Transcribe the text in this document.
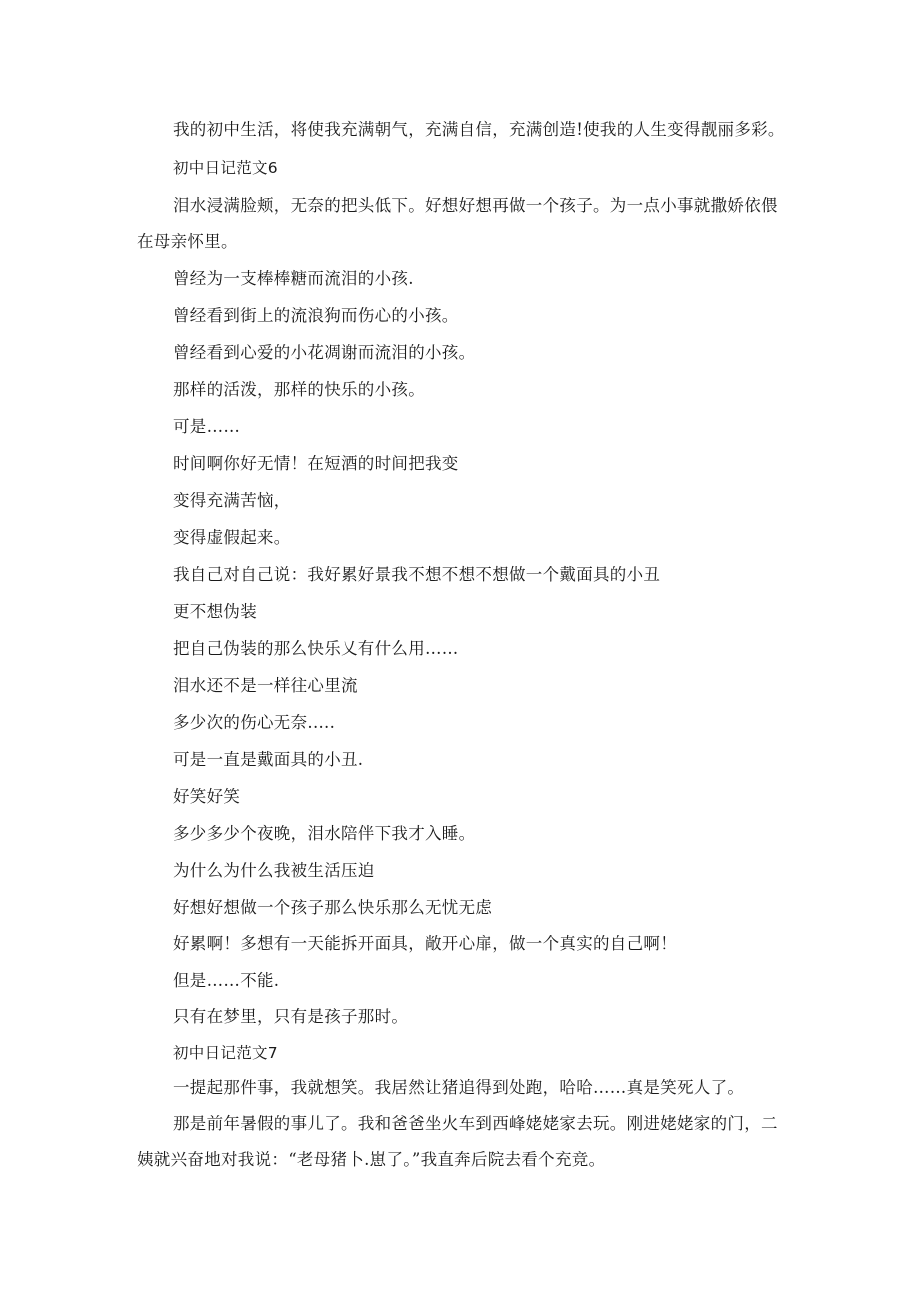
我的初中生活，将使我充满朝气，充满自信，充满创造!使我的人生变得靓丽多彩。

初中日记范文6

泪水浸满脸颊，无奈的把头低下。好想好想再做一个孩子。为一点小事就撒娇依偎在母亲怀里。

曾经为一支棒棒糖而流泪的小孩.

曾经看到街上的流浪狗而伤心的小孩。

曾经看到心爱的小花凋谢而流泪的小孩。

那样的活泼，那样的快乐的小孩。

可是……

时间啊你好无情！在短酒的时间把我变

变得充满苦恼，

变得虚假起来。

我自己对自己说：我好累好景我不想不想不想做一个戴面具的小丑

更不想伪装

把自己伪装的那么快乐乂有什么用……

泪水还不是一样往心里流

多少次的伤心无奈.....

可是一直是戴面具的小丑.

好笑好笑

多少多少个夜晚，泪水陪伴下我才入睡。

为什么为什么我被生活压迫

好想好想做一个孩子那么快乐那么无忧无虑

好累啊！多想有一天能拆开面具，敞开心扉，做一个真实的自己啊！

但是……不能.

只有在梦里，只有是孩子那时。

初中日记范文7

一提起那件事，我就想笑。我居然让猪追得到处跑，哈哈……真是笑死人了。

那是前年暑假的事儿了。我和爸爸坐火车到西峰姥姥家去玩。刚进姥姥家的门，二姨就兴奋地对我说：“老母猪卜.崽了。”我直奔后院去看个充竞。
